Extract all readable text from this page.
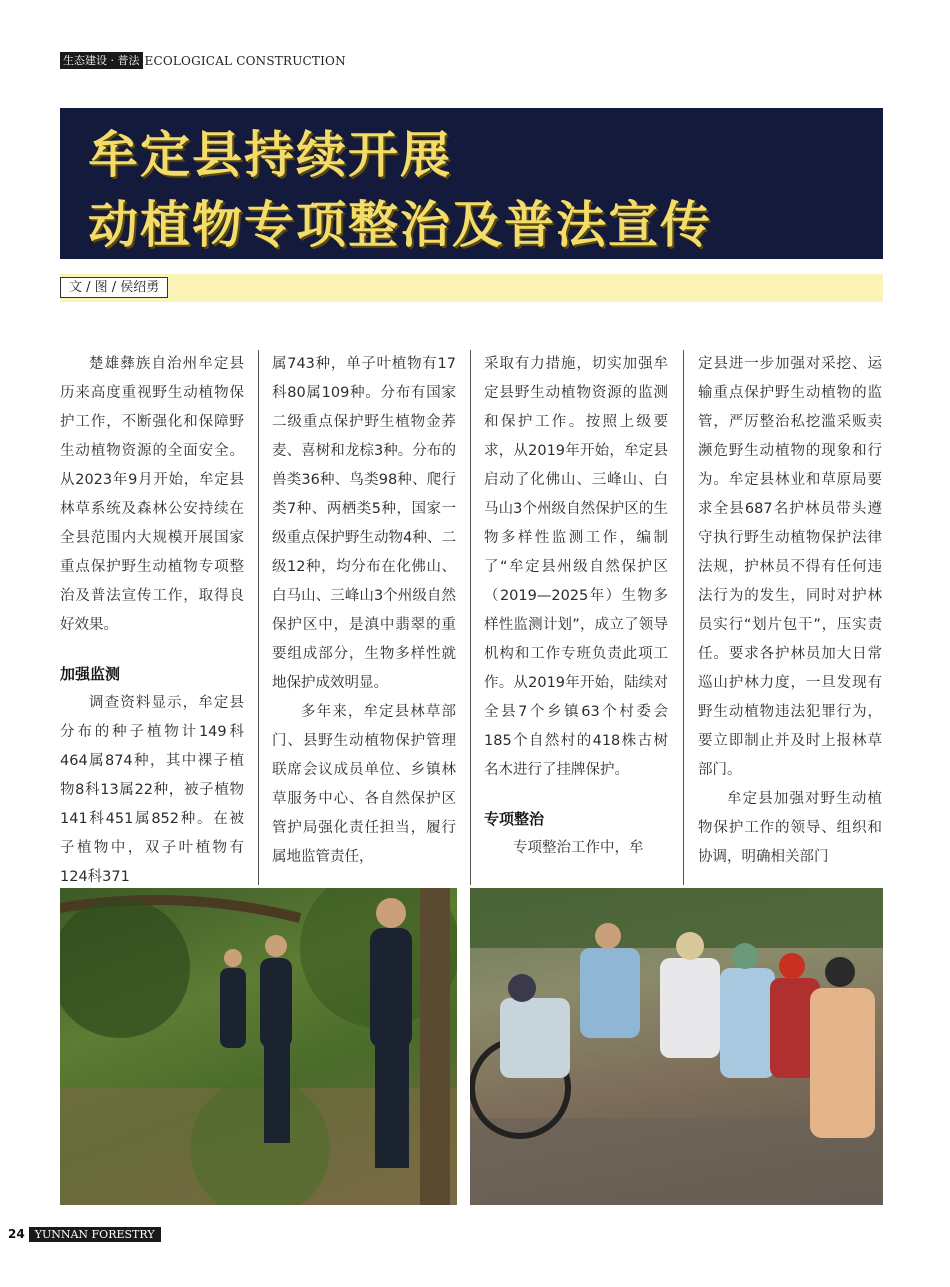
生态建设 · 普法 ECOLOGICAL CONSTRUCTION
牟定县持续开展
动植物专项整治及普法宣传
文 / 图 / 侯绍勇

楚雄彝族自治州牟定县历来高度重视野生动植物保护工作，不断强化和保障野生动植物资源的全面安全。从2023年9月开始，牟定县林草系统及森林公安持续在全县范围内大规模开展国家重点保护野生动植物专项整治及普法宣传工作，取得良好效果。

加强监测

调查资料显示，牟定县分布的种子植物计149科464属874种，其中裸子植物8科13属22种，被子植物141科451属852种。在被子植物中，双子叶植物有124科371

属743种，单子叶植物有17科80属109种。分布有国家二级重点保护野生植物金荞麦、喜树和龙棕3种。分布的兽类36种、鸟类98种、爬行类7种、两栖类5种，国家一级重点保护野生动物4种、二级12种，均分布在化佛山、白马山、三峰山3个州级自然保护区中，是滇中翡翠的重要组成部分，生物多样性就地保护成效明显。

多年来，牟定县林草部门、县野生动植物保护管理联席会议成员单位、乡镇林草服务中心、各自然保护区管护局强化责任担当，履行属地监管责任，

采取有力措施，切实加强牟定县野生动植物资源的监测和保护工作。按照上级要求，从2019年开始，牟定县启动了化佛山、三峰山、白马山3个州级自然保护区的生物多样性监测工作，编制了“牟定县州级自然保护区（2019—2025年）生物多样性监测计划”，成立了领导机构和工作专班负责此项工作。从2019年开始，陆续对全县7个乡镇63个村委会185个自然村的418株古树名木进行了挂牌保护。

专项整治

专项整治工作中，牟

定县进一步加强对采挖、运输重点保护野生动植物的监管，严厉整治私挖滥采贩卖濒危野生动植物的现象和行为。牟定县林业和草原局要求全县687名护林员带头遵守执行野生动植物保护法律法规，护林员不得有任何违法行为的发生，同时对护林员实行“划片包干”，压实责任。要求各护林员加大日常巡山护林力度，一旦发现有野生动植物违法犯罪行为，要立即制止并及时上报林草部门。

牟定县加强对野生动植物保护工作的领导、组织和协调，明确相关部门

24 YUNNAN FORESTRY
